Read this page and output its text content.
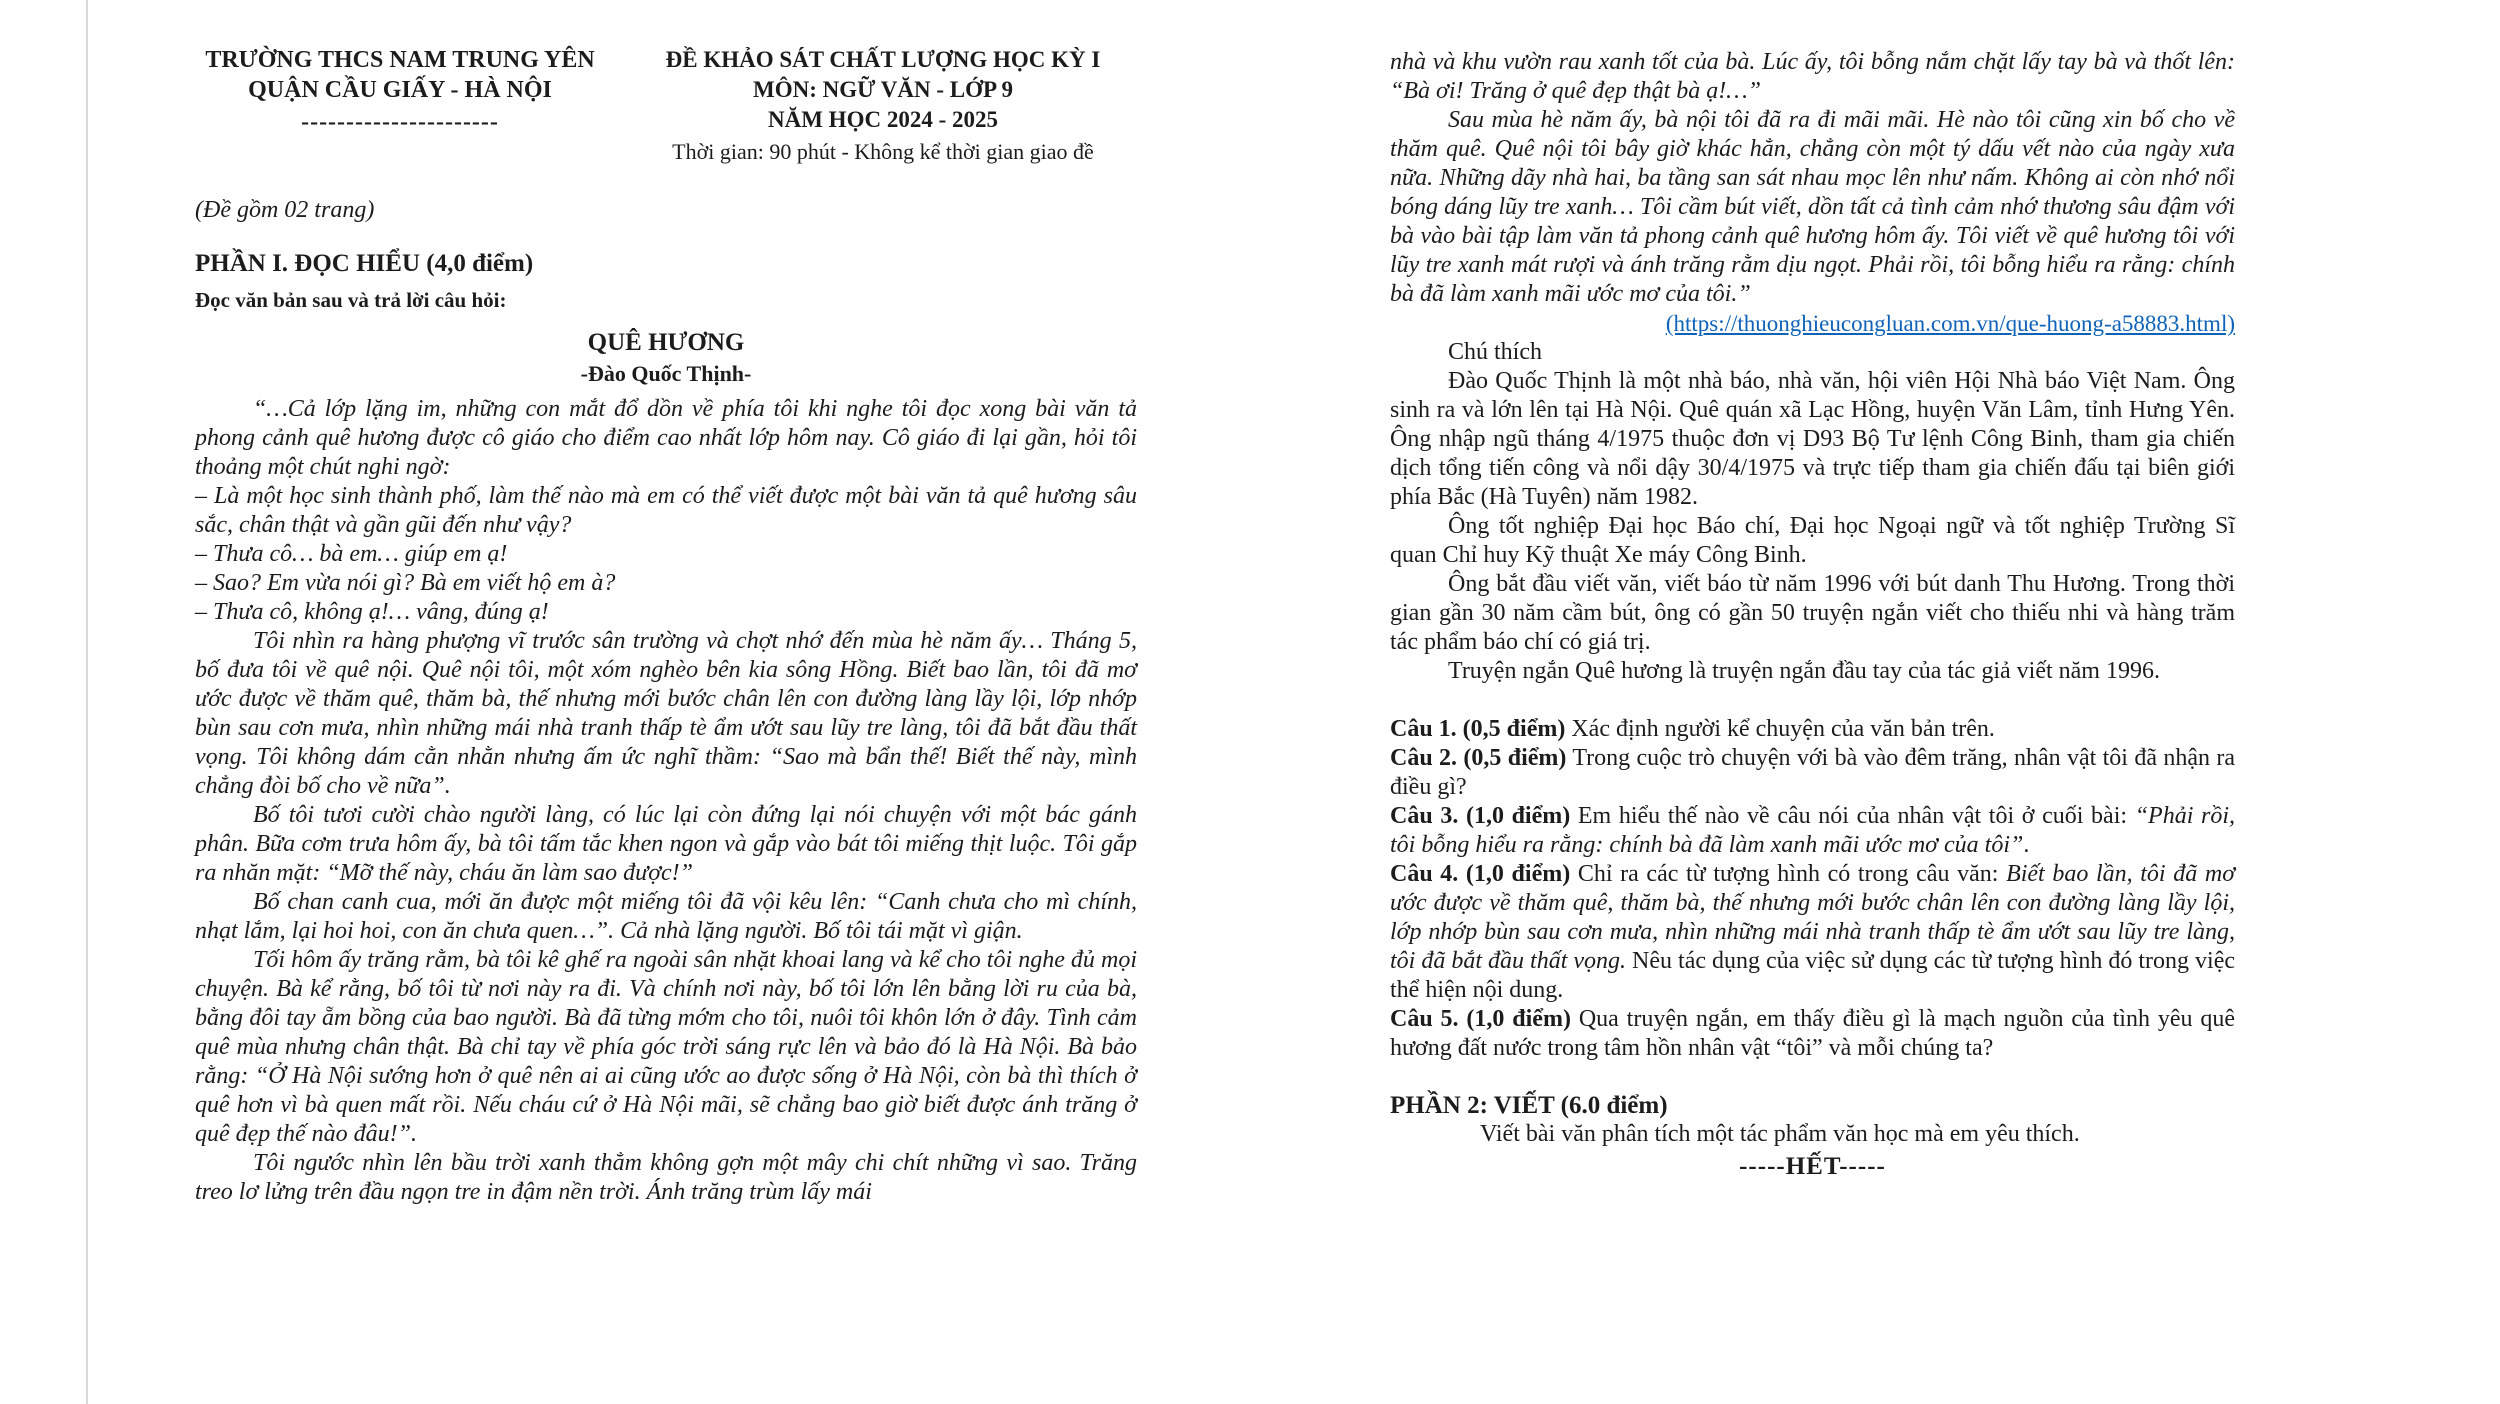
TRƯỜNG THCS NAM TRUNG YÊN
QUẬN CẦU GIẤY - HÀ NỘI
----------------------
ĐỀ KHẢO SÁT CHẤT LƯỢNG HỌC KỲ I
MÔN: NGỮ VĂN - LỚP 9
NĂM HỌC 2024 - 2025
Thời gian: 90 phút - Không kể thời gian giao đề
(Đề gồm 02 trang)
PHẦN I. ĐỌC HIỂU (4,0 điểm)
Đọc văn bản sau và trả lời câu hỏi:
QUÊ HƯƠNG
-Đào Quốc Thịnh-

“…Cả lớp lặng im, những con mắt đổ dồn về phía tôi khi nghe tôi đọc xong bài văn tả phong cảnh quê hương được cô giáo cho điểm cao nhất lớp hôm nay. Cô giáo đi lại gần, hỏi tôi thoảng một chút nghi ngờ:

– Là một học sinh thành phố, làm thế nào mà em có thể viết được một bài văn tả quê hương sâu sắc, chân thật và gần gũi đến như vậy?

– Thưa cô… bà em… giúp em ạ!

– Sao? Em vừa nói gì? Bà em viết hộ em à?

– Thưa cô, không ạ!… vâng, đúng ạ!

Tôi nhìn ra hàng phượng vĩ trước sân trường và chợt nhớ đến mùa hè năm ấy… Tháng 5, bố đưa tôi về quê nội. Quê nội tôi, một xóm nghèo bên kia sông Hồng. Biết bao lần, tôi đã mơ ước được về thăm quê, thăm bà, thế nhưng mới bước chân lên con đường làng lầy lội, lớp nhớp bùn sau cơn mưa, nhìn những mái nhà tranh thấp tè ẩm ướt sau lũy tre làng, tôi đã bắt đầu thất vọng. Tôi không dám cằn nhằn nhưng ấm ức nghĩ thầm: “Sao mà bẩn thế! Biết thế này, mình chẳng đòi bố cho về nữa”.

Bố tôi tươi cười chào người làng, có lúc lại còn đứng lại nói chuyện với một bác gánh phân. Bữa cơm trưa hôm ấy, bà tôi tấm tắc khen ngon và gắp vào bát tôi miếng thịt luộc. Tôi gắp ra nhăn mặt: “Mỡ thế này, cháu ăn làm sao được!”

Bố chan canh cua, mới ăn được một miếng tôi đã vội kêu lên: “Canh chưa cho mì chính, nhạt lắm, lại hoi hoi, con ăn chưa quen…”. Cả nhà lặng người. Bố tôi tái mặt vì giận.

Tối hôm ấy trăng rằm, bà tôi kê ghế ra ngoài sân nhặt khoai lang và kể cho tôi nghe đủ mọi chuyện. Bà kể rằng, bố tôi từ nơi này ra đi. Và chính nơi này, bố tôi lớn lên bằng lời ru của bà, bằng đôi tay ẵm bồng của bao người. Bà đã từng mớm cho tôi, nuôi tôi khôn lớn ở đây. Tình cảm quê mùa nhưng chân thật. Bà chỉ tay về phía góc trời sáng rực lên và bảo đó là Hà Nội. Bà bảo rằng: “Ở Hà Nội sướng hơn ở quê nên ai ai cũng ước ao được sống ở Hà Nội, còn bà thì thích ở quê hơn vì bà quen mất rồi. Nếu cháu cứ ở Hà Nội mãi, sẽ chẳng bao giờ biết được ánh trăng ở quê đẹp thế nào đâu!”.

Tôi ngước nhìn lên bầu trời xanh thẳm không gợn một mây chi chít những vì sao. Trăng treo lơ lửng trên đầu ngọn tre in đậm nền trời. Ánh trăng trùm lấy mái

nhà và khu vườn rau xanh tốt của bà. Lúc ấy, tôi bỗng nắm chặt lấy tay bà và thốt lên: “Bà ơi! Trăng ở quê đẹp thật bà ạ!…”

Sau mùa hè năm ấy, bà nội tôi đã ra đi mãi mãi. Hè nào tôi cũng xin bố cho về thăm quê. Quê nội tôi bây giờ khác hẳn, chẳng còn một tý dấu vết nào của ngày xưa nữa. Những dãy nhà hai, ba tầng san sát nhau mọc lên như nấm. Không ai còn nhớ nổi bóng dáng lũy tre xanh… Tôi cầm bút viết, dồn tất cả tình cảm nhớ thương sâu đậm với bà vào bài tập làm văn tả phong cảnh quê hương hôm ấy. Tôi viết về quê hương tôi với lũy tre xanh mát rượi và ánh trăng rằm dịu ngọt. Phải rồi, tôi bỗng hiểu ra rằng: chính bà đã làm xanh mãi ước mơ của tôi.”

(https://thuonghieucongluan.com.vn/que-huong-a58883.html)

Chú thích

Đào Quốc Thịnh là một nhà báo, nhà văn, hội viên Hội Nhà báo Việt Nam. Ông sinh ra và lớn lên tại Hà Nội. Quê quán xã Lạc Hồng, huyện Văn Lâm, tỉnh Hưng Yên. Ông nhập ngũ tháng 4/1975 thuộc đơn vị D93 Bộ Tư lệnh Công Binh, tham gia chiến dịch tổng tiến công và nổi dậy 30/4/1975 và trực tiếp tham gia chiến đấu tại biên giới phía Bắc (Hà Tuyên) năm 1982.

Ông tốt nghiệp Đại học Báo chí, Đại học Ngoại ngữ và tốt nghiệp Trường Sĩ quan Chỉ huy Kỹ thuật Xe máy Công Binh.

Ông bắt đầu viết văn, viết báo từ năm 1996 với bút danh Thu Hương. Trong thời gian gần 30 năm cầm bút, ông có gần 50 truyện ngắn viết cho thiếu nhi và hàng trăm tác phẩm báo chí có giá trị.

Truyện ngắn Quê hương là truyện ngắn đầu tay của tác giả viết năm 1996.

Câu 1. (0,5 điểm) Xác định người kể chuyện của văn bản trên.

Câu 2. (0,5 điểm) Trong cuộc trò chuyện với bà vào đêm trăng, nhân vật tôi đã nhận ra điều gì?

Câu 3. (1,0 điểm) Em hiểu thế nào về câu nói của nhân vật tôi ở cuối bài: “Phải rồi, tôi bỗng hiểu ra rằng: chính bà đã làm xanh mãi ước mơ của tôi”.

Câu 4. (1,0 điểm) Chỉ ra các từ tượng hình có trong câu văn: Biết bao lần, tôi đã mơ ước được về thăm quê, thăm bà, thế nhưng mới bước chân lên con đường làng lầy lội, lớp nhớp bùn sau cơn mưa, nhìn những mái nhà tranh thấp tè ẩm ướt sau lũy tre làng, tôi đã bắt đầu thất vọng. Nêu tác dụng của việc sử dụng các từ tượng hình đó trong việc thể hiện nội dung.

Câu 5. (1,0 điểm) Qua truyện ngắn, em thấy điều gì là mạch nguồn của tình yêu quê hương đất nước trong tâm hồn nhân vật “tôi” và mỗi chúng ta?

PHẦN 2: VIẾT (6.0 điểm)

Viết bài văn phân tích một tác phẩm văn học mà em yêu thích.

-----HẾT-----
